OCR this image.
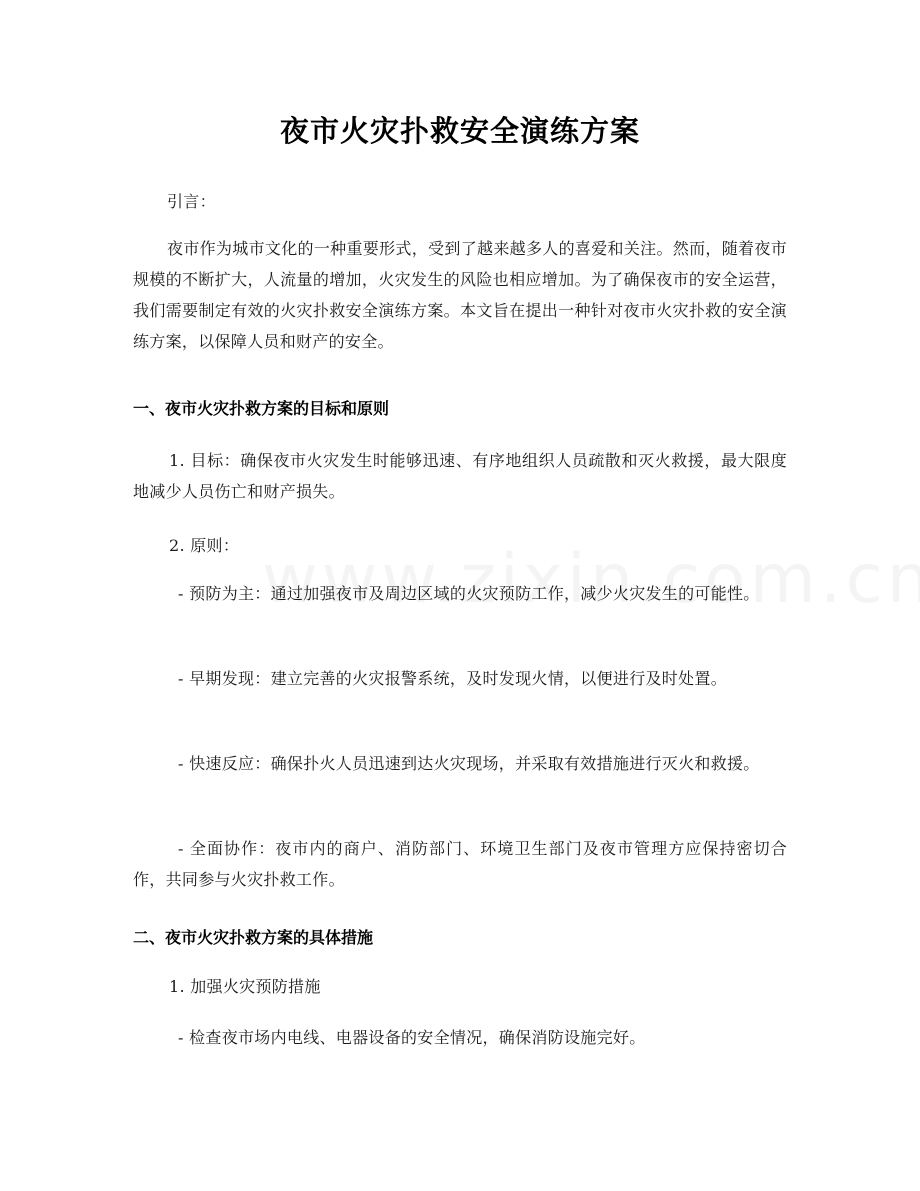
夜市火灾扑救安全演练方案
引言：
夜市作为城市文化的一种重要形式，受到了越来越多人的喜爱和关注。然而，随着夜市规模的不断扩大，人流量的增加，火灾发生的风险也相应增加。为了确保夜市的安全运营，我们需要制定有效的火灾扑救安全演练方案。本文旨在提出一种针对夜市火灾扑救的安全演练方案，以保障人员和财产的安全。
一、夜市火灾扑救方案的目标和原则
1. 目标：确保夜市火灾发生时能够迅速、有序地组织人员疏散和灭火救援，最大限度地减少人员伤亡和财产损失。
2. 原则：
- 预防为主：通过加强夜市及周边区域的火灾预防工作，减少火灾发生的可能性。
- 早期发现：建立完善的火灾报警系统，及时发现火情，以便进行及时处置。
- 快速反应：确保扑火人员迅速到达火灾现场，并采取有效措施进行灭火和救援。
- 全面协作：夜市内的商户、消防部门、环境卫生部门及夜市管理方应保持密切合作，共同参与火灾扑救工作。
二、夜市火灾扑救方案的具体措施
1. 加强火灾预防措施
- 检查夜市场内电线、电器设备的安全情况，确保消防设施完好。
